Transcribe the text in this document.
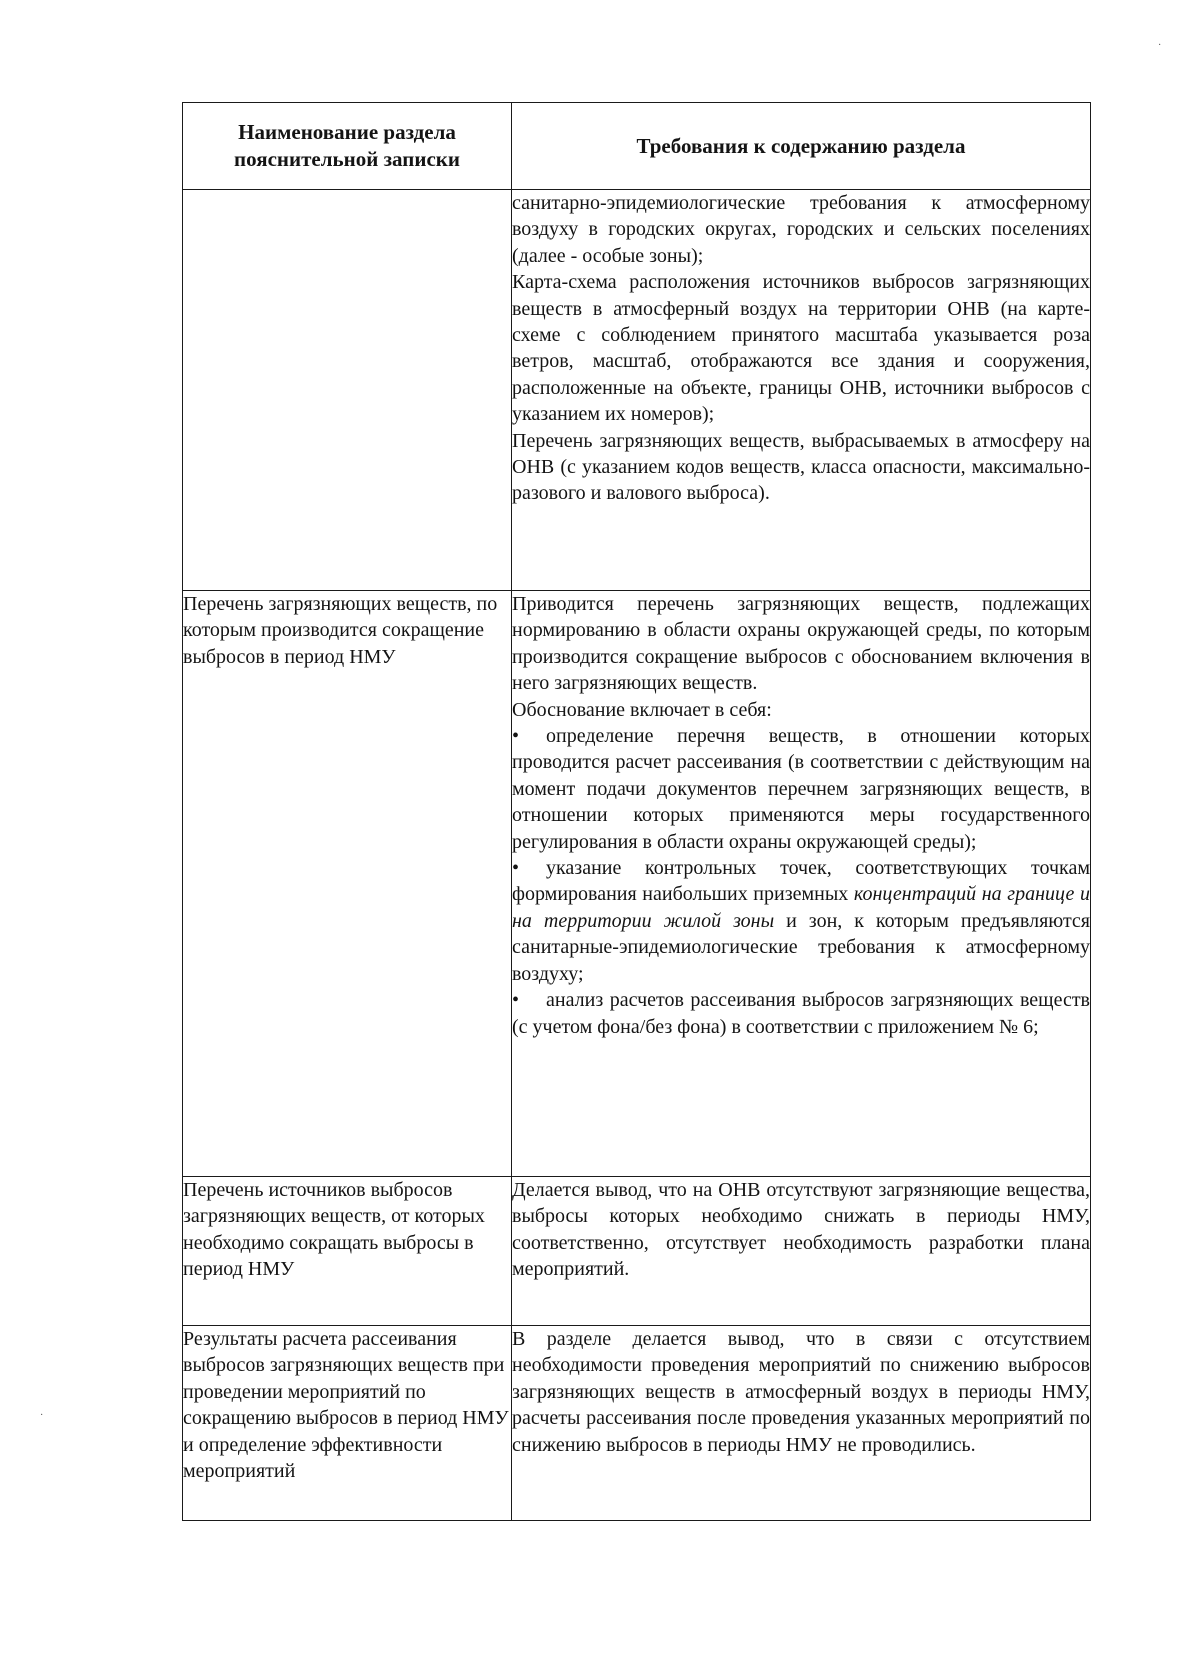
·
·
Наименование раздела пояснительной записки	Требования к содержанию раздела

	санитарно-эпидемиологические требования к атмосферному воздуху в городских округах, городских и сельских поселениях (далее - особые зоны);

Карта-схема расположения источников выбросов загрязняющих веществ в атмосферный воздух на территории ОНВ (на карте-схеме с соблюдением принятого масштаба указывается роза ветров, масштаб, отображаются все здания и сооружения, расположенные на объекте, границы ОНВ, источники выбросов с указанием их номеров);

Перечень загрязняющих веществ, выбрасываемых в атмосферу на ОНВ (с указанием кодов веществ, класса опасности, максимально-разового и валового выброса).

Перечень загрязняющих веществ, по которым производится сокращение выбросов в период НМУ	Приводится перечень загрязняющих веществ, подлежащих нормированию в области охраны окружающей среды, по которым производится сокращение выбросов с обоснованием включения в него загрязняющих веществ.

Обоснование включает в себя:

•определение перечня веществ, в отношении которых проводится расчет рассеивания (в соответствии с действующим на момент подачи документов перечнем загрязняющих веществ, в отношении которых применяются меры государственного регулирования в области охраны окружающей среды);

•указание контрольных точек, соответствующих точкам формирования наибольших приземных концентраций на границе и на территории жилой зоны и зон, к которым предъявляются санитарные-эпидемиологические требования к атмосферному воздуху;

•анализ расчетов рассеивания выбросов загрязняющих веществ (с учетом фона/без фона) в соответствии с приложением № 6;

Перечень источников выбросов загрязняющих веществ, от которых необходимо сокращать выбросы в период НМУ	Делается вывод, что на ОНВ отсутствуют загрязняющие вещества, выбросы которых необходимо снижать в периоды НМУ, соответственно, отсутствует необходимость разработки плана мероприятий.

Результаты расчета рассеивания выбросов загрязняющих веществ при проведении мероприятий по сокращению выбросов в период НМУ и определение эффективности мероприятий	В разделе делается вывод, что в связи с отсутствием необходимости проведения мероприятий по снижению выбросов загрязняющих веществ в атмосферный воздух в периоды НМУ, расчеты рассеивания после проведения указанных мероприятий по снижению выбросов в периоды НМУ не проводились.
